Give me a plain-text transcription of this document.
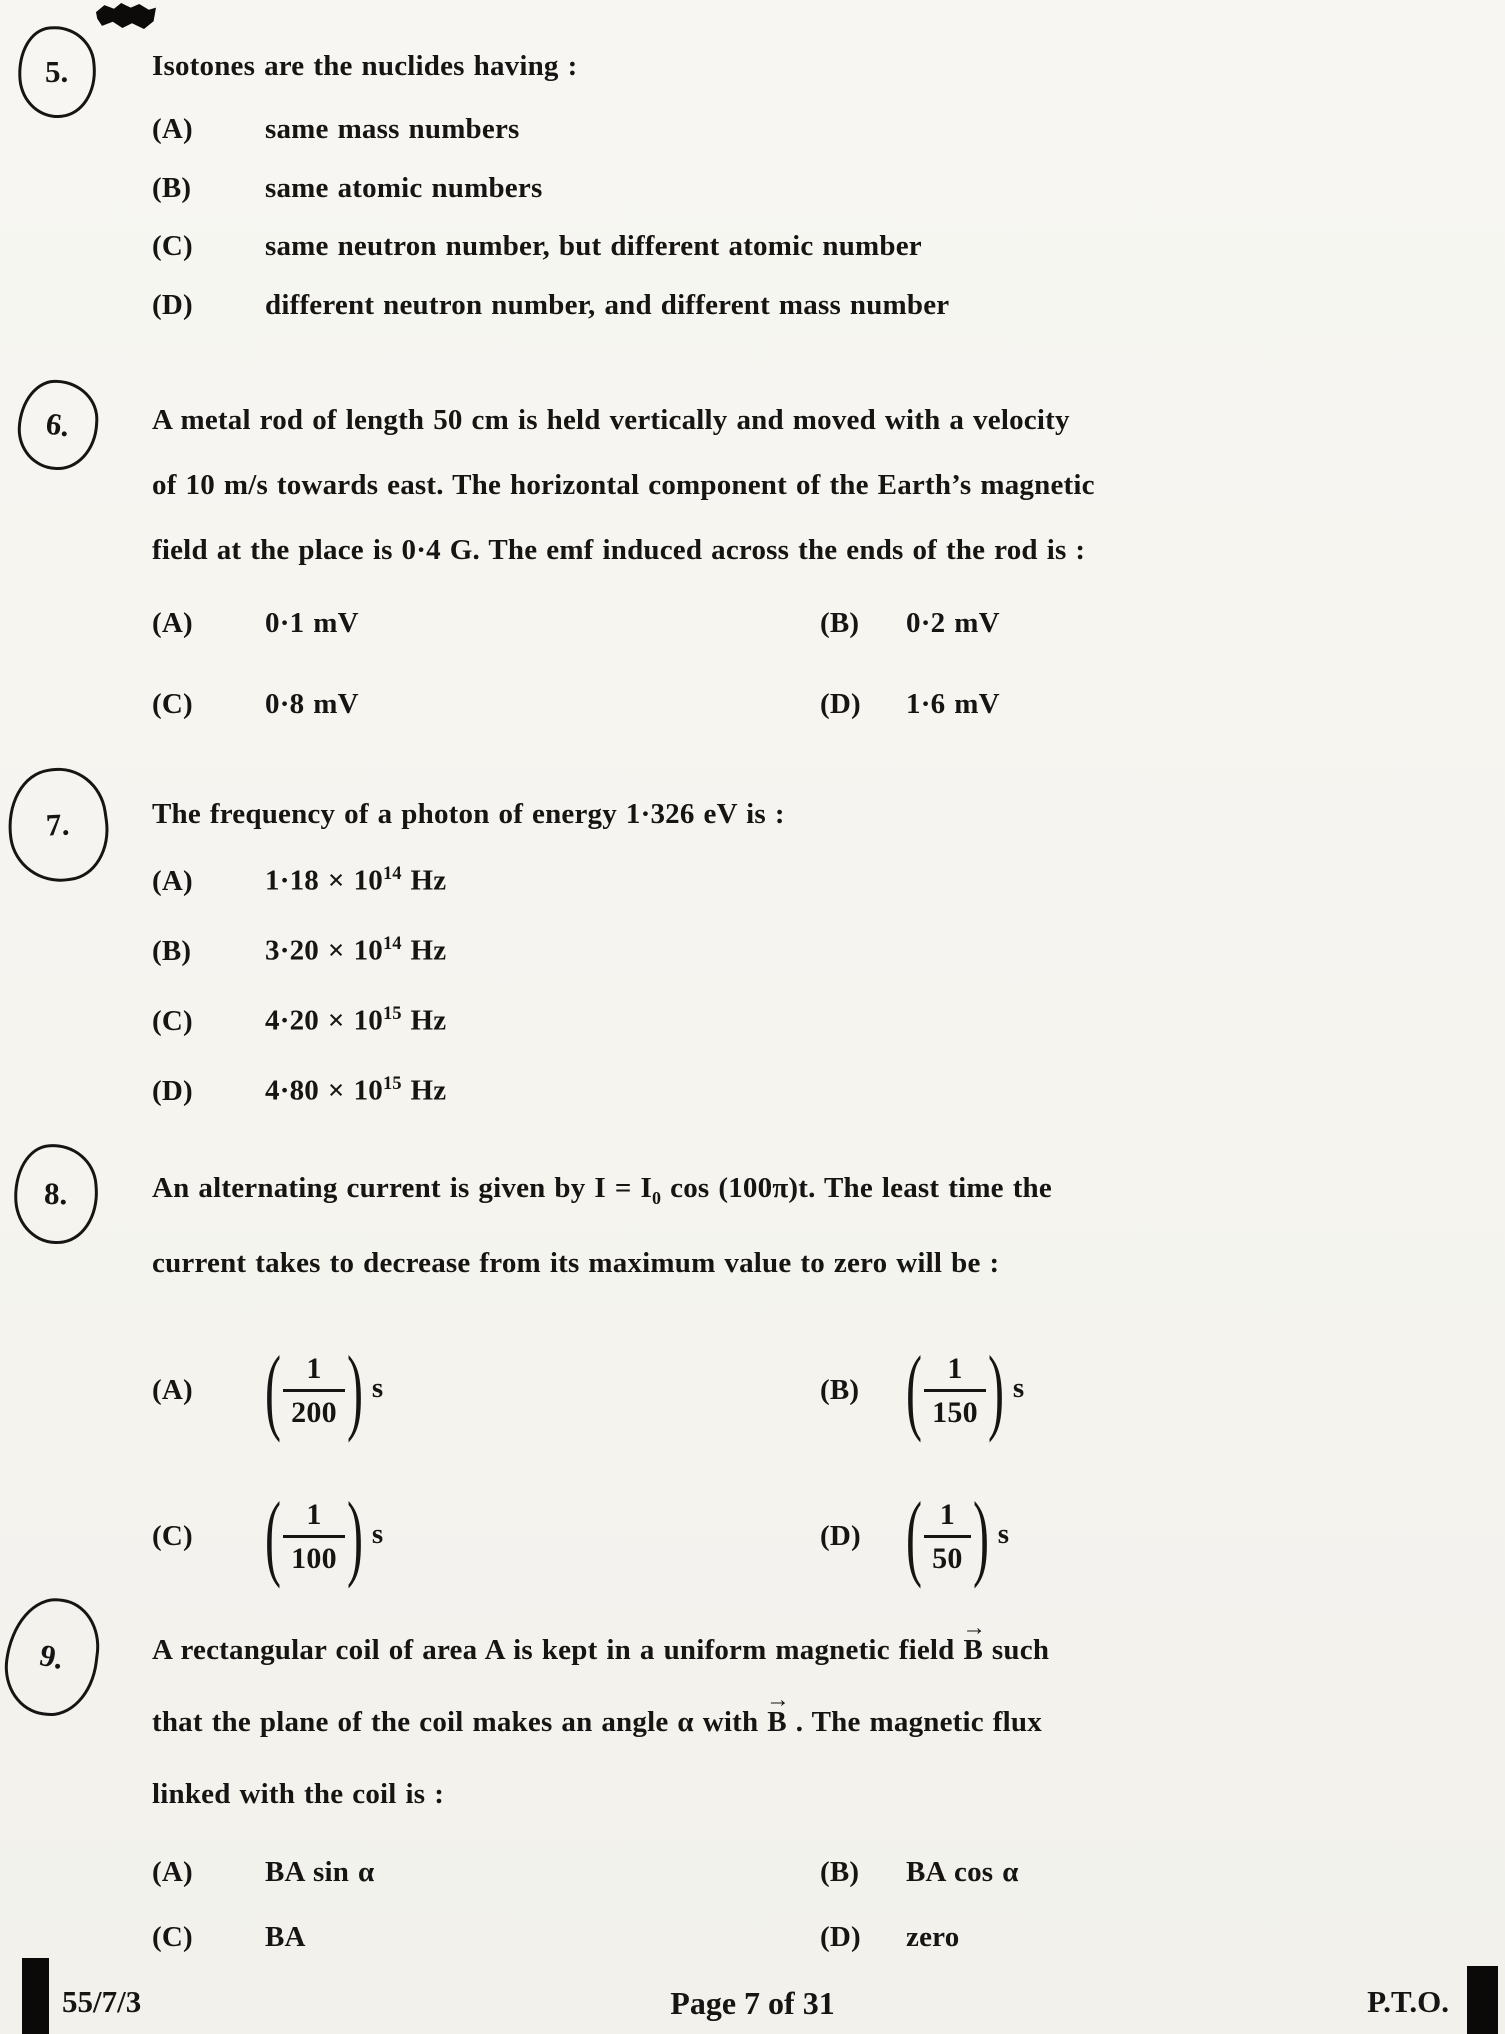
5.	Isotones are the nuclides having :
(A)	same mass numbers
(B)	same atomic numbers
(C)	same neutron number, but different atomic number
(D)	different neutron number, and different mass number
6.	A metal rod of length 50 cm is held vertically and moved with a velocity
of 10 m/s towards east. The horizontal component of the Earth’s magnetic
field at the place is 0·4 G. The emf induced across the ends of the rod is :
(A)	0·1 mV	(B)	0·2 mV
(C)	0·8 mV	(D)	1·6 mV
7.	The frequency of a photon of energy 1·326 eV is :
(A)	$1\cdot 18 \times 10^{14}$ Hz
(B)	$3\cdot 20 \times 10^{14}$ Hz
(C)	$4\cdot 20 \times 10^{15}$ Hz
(D)	$4\cdot 80 \times 10^{15}$ Hz
8.	An alternating current is given by $I = I_0$ cos (100π)t. The least time the
current takes to decrease from its maximum value to zero will be :
(A) ( $\frac{1}{200}$ ) s	(B) ( $\frac{1}{150}$ ) s
(C) ( $\frac{1}{100}$ ) s	(D) ( $\frac{1}{50}$ ) s
9.	A rectangular coil of area A is kept in a uniform magnetic field
→
B such
that the plane of the coil makes an angle α with
→
B . The magnetic flux
linked with the coil is :
(A)	BA sin α	(B)	BA cos α
(C)	BA	(D)	zero
55/7/3	Page 7 of 31	P.T.O.
